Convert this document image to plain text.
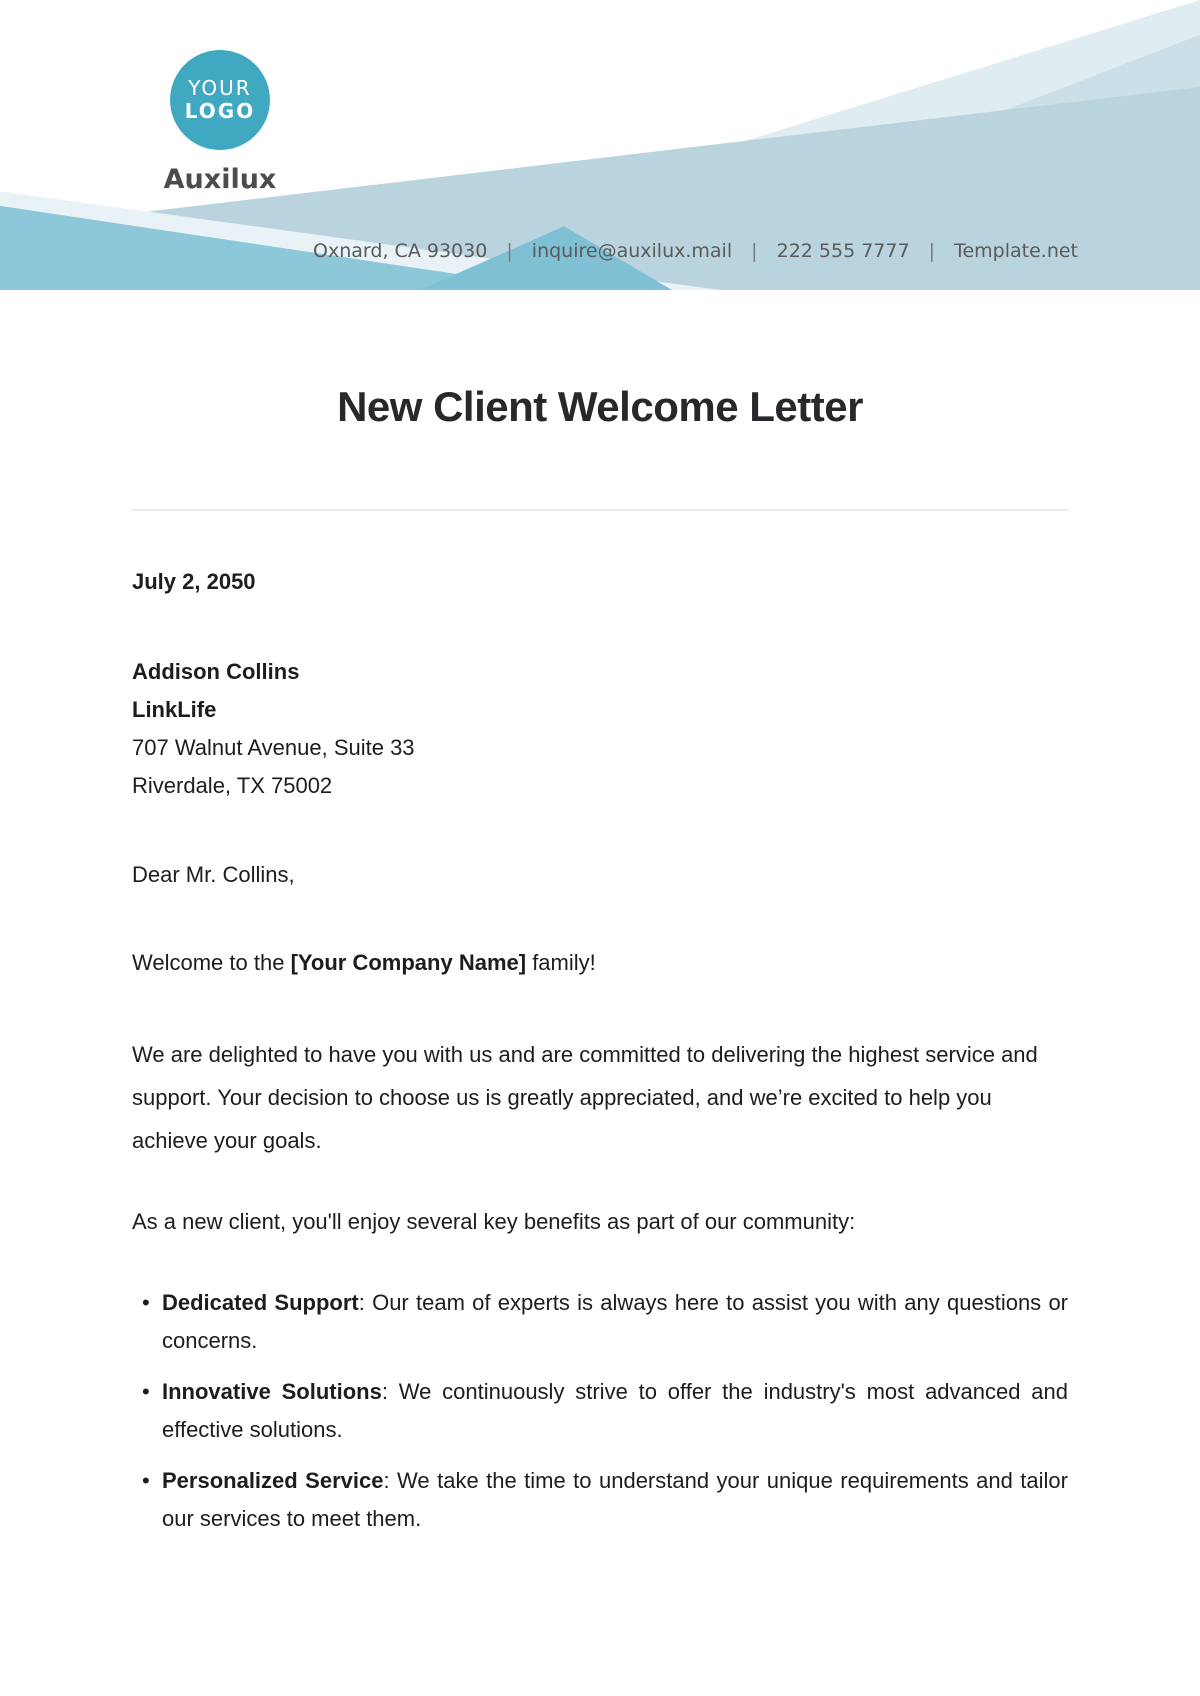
YOUR
LOGO
Auxilux
Oxnard, CA 93030 | inquire@auxilux.mail | 222 555 7777 | Template.net
New Client Welcome Letter
July 2, 2050
Addison Collins
LinkLife
707 Walnut Avenue, Suite 33
Riverdale, TX 75002
Dear Mr. Collins,
Welcome to the [Your Company Name] family!

We are delighted to have you with us and are committed to delivering the highest service and support. Your decision to choose us is greatly appreciated, and we’re excited to help you achieve your goals.

As a new client, you'll enjoy several key benefits as part of our community:

• Dedicated Support: Our team of experts is always here to assist you with any questions or concerns.
• Innovative Solutions: We continuously strive to offer the industry's most advanced and effective solutions.
• Personalized Service: We take the time to understand your unique requirements and tailor our services to meet them.
